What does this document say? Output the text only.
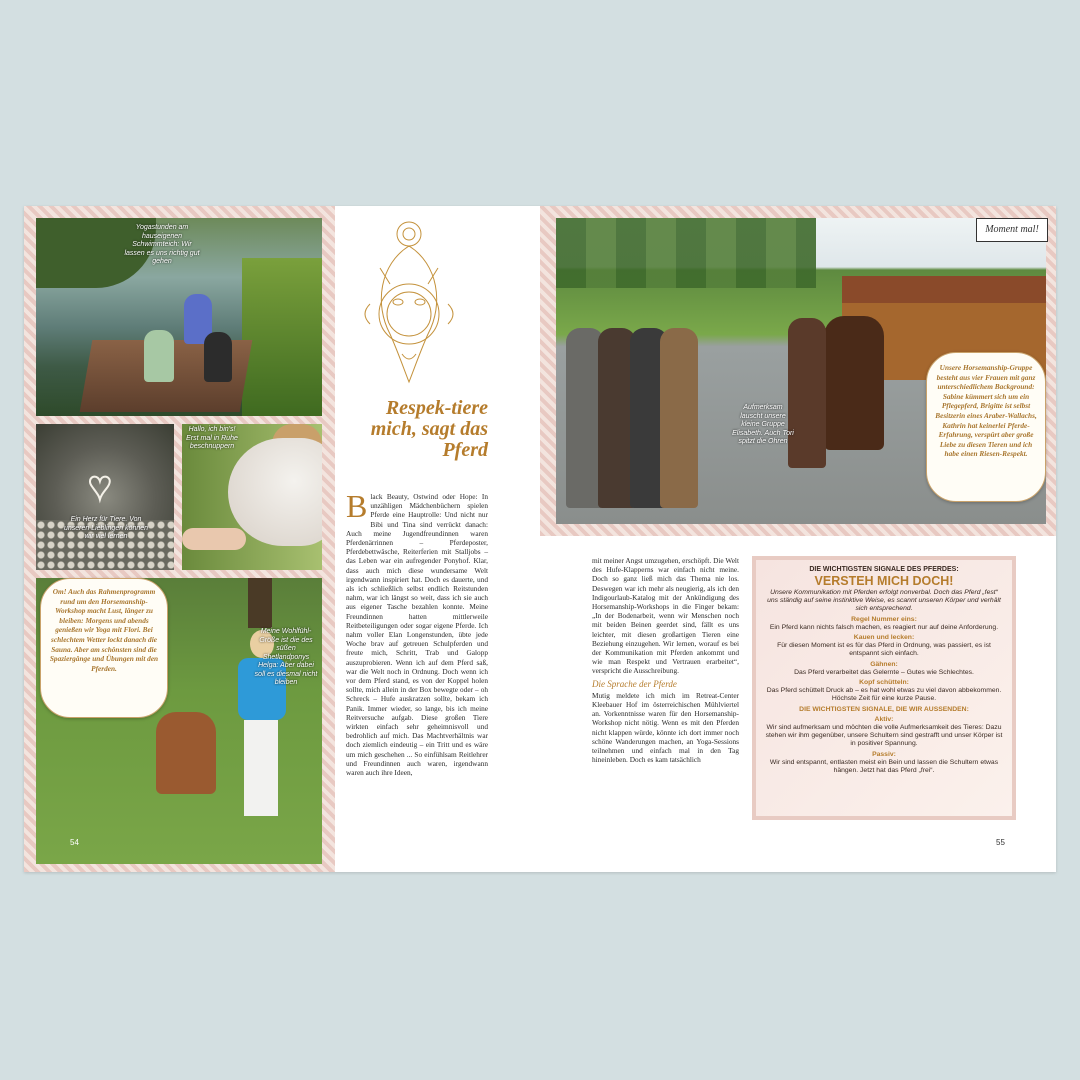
Yogastunden am hauseigenen Schwimmteich: Wir lassen es uns richtig gut gehen
♥
Ein Herz für Tiere. Von unseren Lieblingen können wir viel lernen
Hallo, ich bin's! Erst mal in Ruhe beschnuppern
Meine Wohlfühl-Größe ist die des süßen Shetlandponys Helga: Aber dabei soll es diesmal nicht bleiben
Om! Auch das Rahmenprogramm rund um den Horsemanship-Workshop macht Lust, länger zu bleiben: Morgens und abends genießen wir Yoga mit Flori. Bei schlechtem Wetter lockt danach die Sauna. Aber am schönsten sind die Spaziergänge und Übungen mit den Pferden.
54
Respek-tiere mich, sagt das Pferd
B lack Beauty, Ostwind oder Hope: In unzähligen Mädchenbüchern spielen Pferde eine Hauptrolle: Und nicht nur Bibi und Tina sind verrückt danach: Auch meine Jugendfreundinnen waren Pferdenärrinnen – Pferdeposter, Pferdebettwäsche, Reiterferien mit Stalljobs – das Leben war ein aufregender Ponyhof. Klar, dass auch mich diese wundersame Welt irgendwann inspiriert hat. Doch es dauerte, und als ich schließlich selbst endlich Reitstunden nahm, war ich längst so weit, dass ich sie auch aus eigener Tasche bezahlen konnte. Meine Freundinnen hatten mittlerweile Reitbeteiligungen oder sogar eigene Pferde. Ich nahm voller Elan Longenstunden, übte jede Woche brav auf getreuen Schulpferden und freute mich, Schritt, Trab und Galopp auszuprobieren. Wenn ich auf dem Pferd saß, war die Welt noch in Ordnung. Doch wenn ich vor dem Pferd stand, es von der Koppel holen sollte, mich allein in der Box bewegte oder – oh Schreck – Hufe auskratzen sollte, bekam ich Panik. Immer wieder, so lange, bis ich meine Reitversuche aufgab. Diese großen Tiere wirkten einfach sehr geheimnisvoll und bedrohlich auf mich. Das Machtverhältnis war doch ziemlich eindeutig – ein Tritt und es wäre um mich geschehen ... So einfühlsam Reitlehrer und Freundinnen auch waren, irgendwann waren auch ihre Ideen,
mit meiner Angst umzugehen, erschöpft. Die Welt des Hufe-Klapperns war einfach nicht meine. Doch so ganz ließ mich das Thema nie los. Deswegen war ich mehr als neugierig, als ich den Indigourlaub-Katalog mit der Ankündigung des Horsemanship-Workshops in die Finger bekam: „In der Bodenarbeit, wenn wir Menschen noch mit beiden Beinen geerdet sind, fällt es uns leichter, mit diesen großartigen Tieren eine Beziehung einzugehen. Wir lernen, worauf es bei der Kommunikation mit Pferden ankommt und wie man Respekt und Vertrauen erarbeitet“, verspricht die Ausschreibung.
Die Sprache der Pferde
Mutig meldete ich mich im Retreat-Center Kleebauer Hof im österreichischen Mühlviertel an. Vorkenntnisse waren für den Horsemanship-Workshop nicht nötig. Wenn es mit den Pferden nicht klappen würde, könnte ich dort immer noch schöne Wanderungen machen, an Yoga-Sessions teilnehmen und einfach mal in den Tag hineinleben. Doch es kam tatsächlich
Aufmerksam lauscht unsere kleine Gruppe Elisabeth. Auch Tori spitzt die Ohren
Moment mal!
Unsere Horsemanship-Gruppe besteht aus vier Frauen mit ganz unterschiedlichem Background: Sabine kümmert sich um ein Pflegepferd, Brigitte ist selbst Besitzerin eines Araber-Wallachs, Kathrin hat keinerlei Pferde-Erfahrung, verspürt aber große Liebe zu diesen Tieren und ich habe einen Riesen-Respekt.
DIE WICHTIGSTEN SIGNALE DES PFERDES:
VERSTEH MICH DOCH!
Unsere Kommunikation mit Pferden erfolgt nonverbal. Doch das Pferd „fest“ uns ständig auf seine instinktive Weise, es scannt unseren Körper und verhält sich entsprechend.
Regel Nummer eins:
Ein Pferd kann nichts falsch machen, es reagiert nur auf deine Anforderung.
Kauen und lecken:
Für diesen Moment ist es für das Pferd in Ordnung, was passiert, es ist entspannt sich einfach.
Gähnen:
Das Pferd verarbeitet das Gelernte – Gutes wie Schlechtes.
Kopf schütteln:
Das Pferd schüttelt Druck ab – es hat wohl etwas zu viel davon abbekommen. Höchste Zeit für eine kurze Pause.
DIE WICHTIGSTEN SIGNALE, DIE WIR AUSSENDEN:
Aktiv:
Wir sind aufmerksam und möchten die volle Aufmerksamkeit des Tieres: Dazu stehen wir ihm gegenüber, unsere Schultern sind gestrafft und unser Körper ist in positiver Spannung.
Passiv:
Wir sind entspannt, entlasten meist ein Bein und lassen die Schultern etwas hängen. Jetzt hat das Pferd „frei“.
55
